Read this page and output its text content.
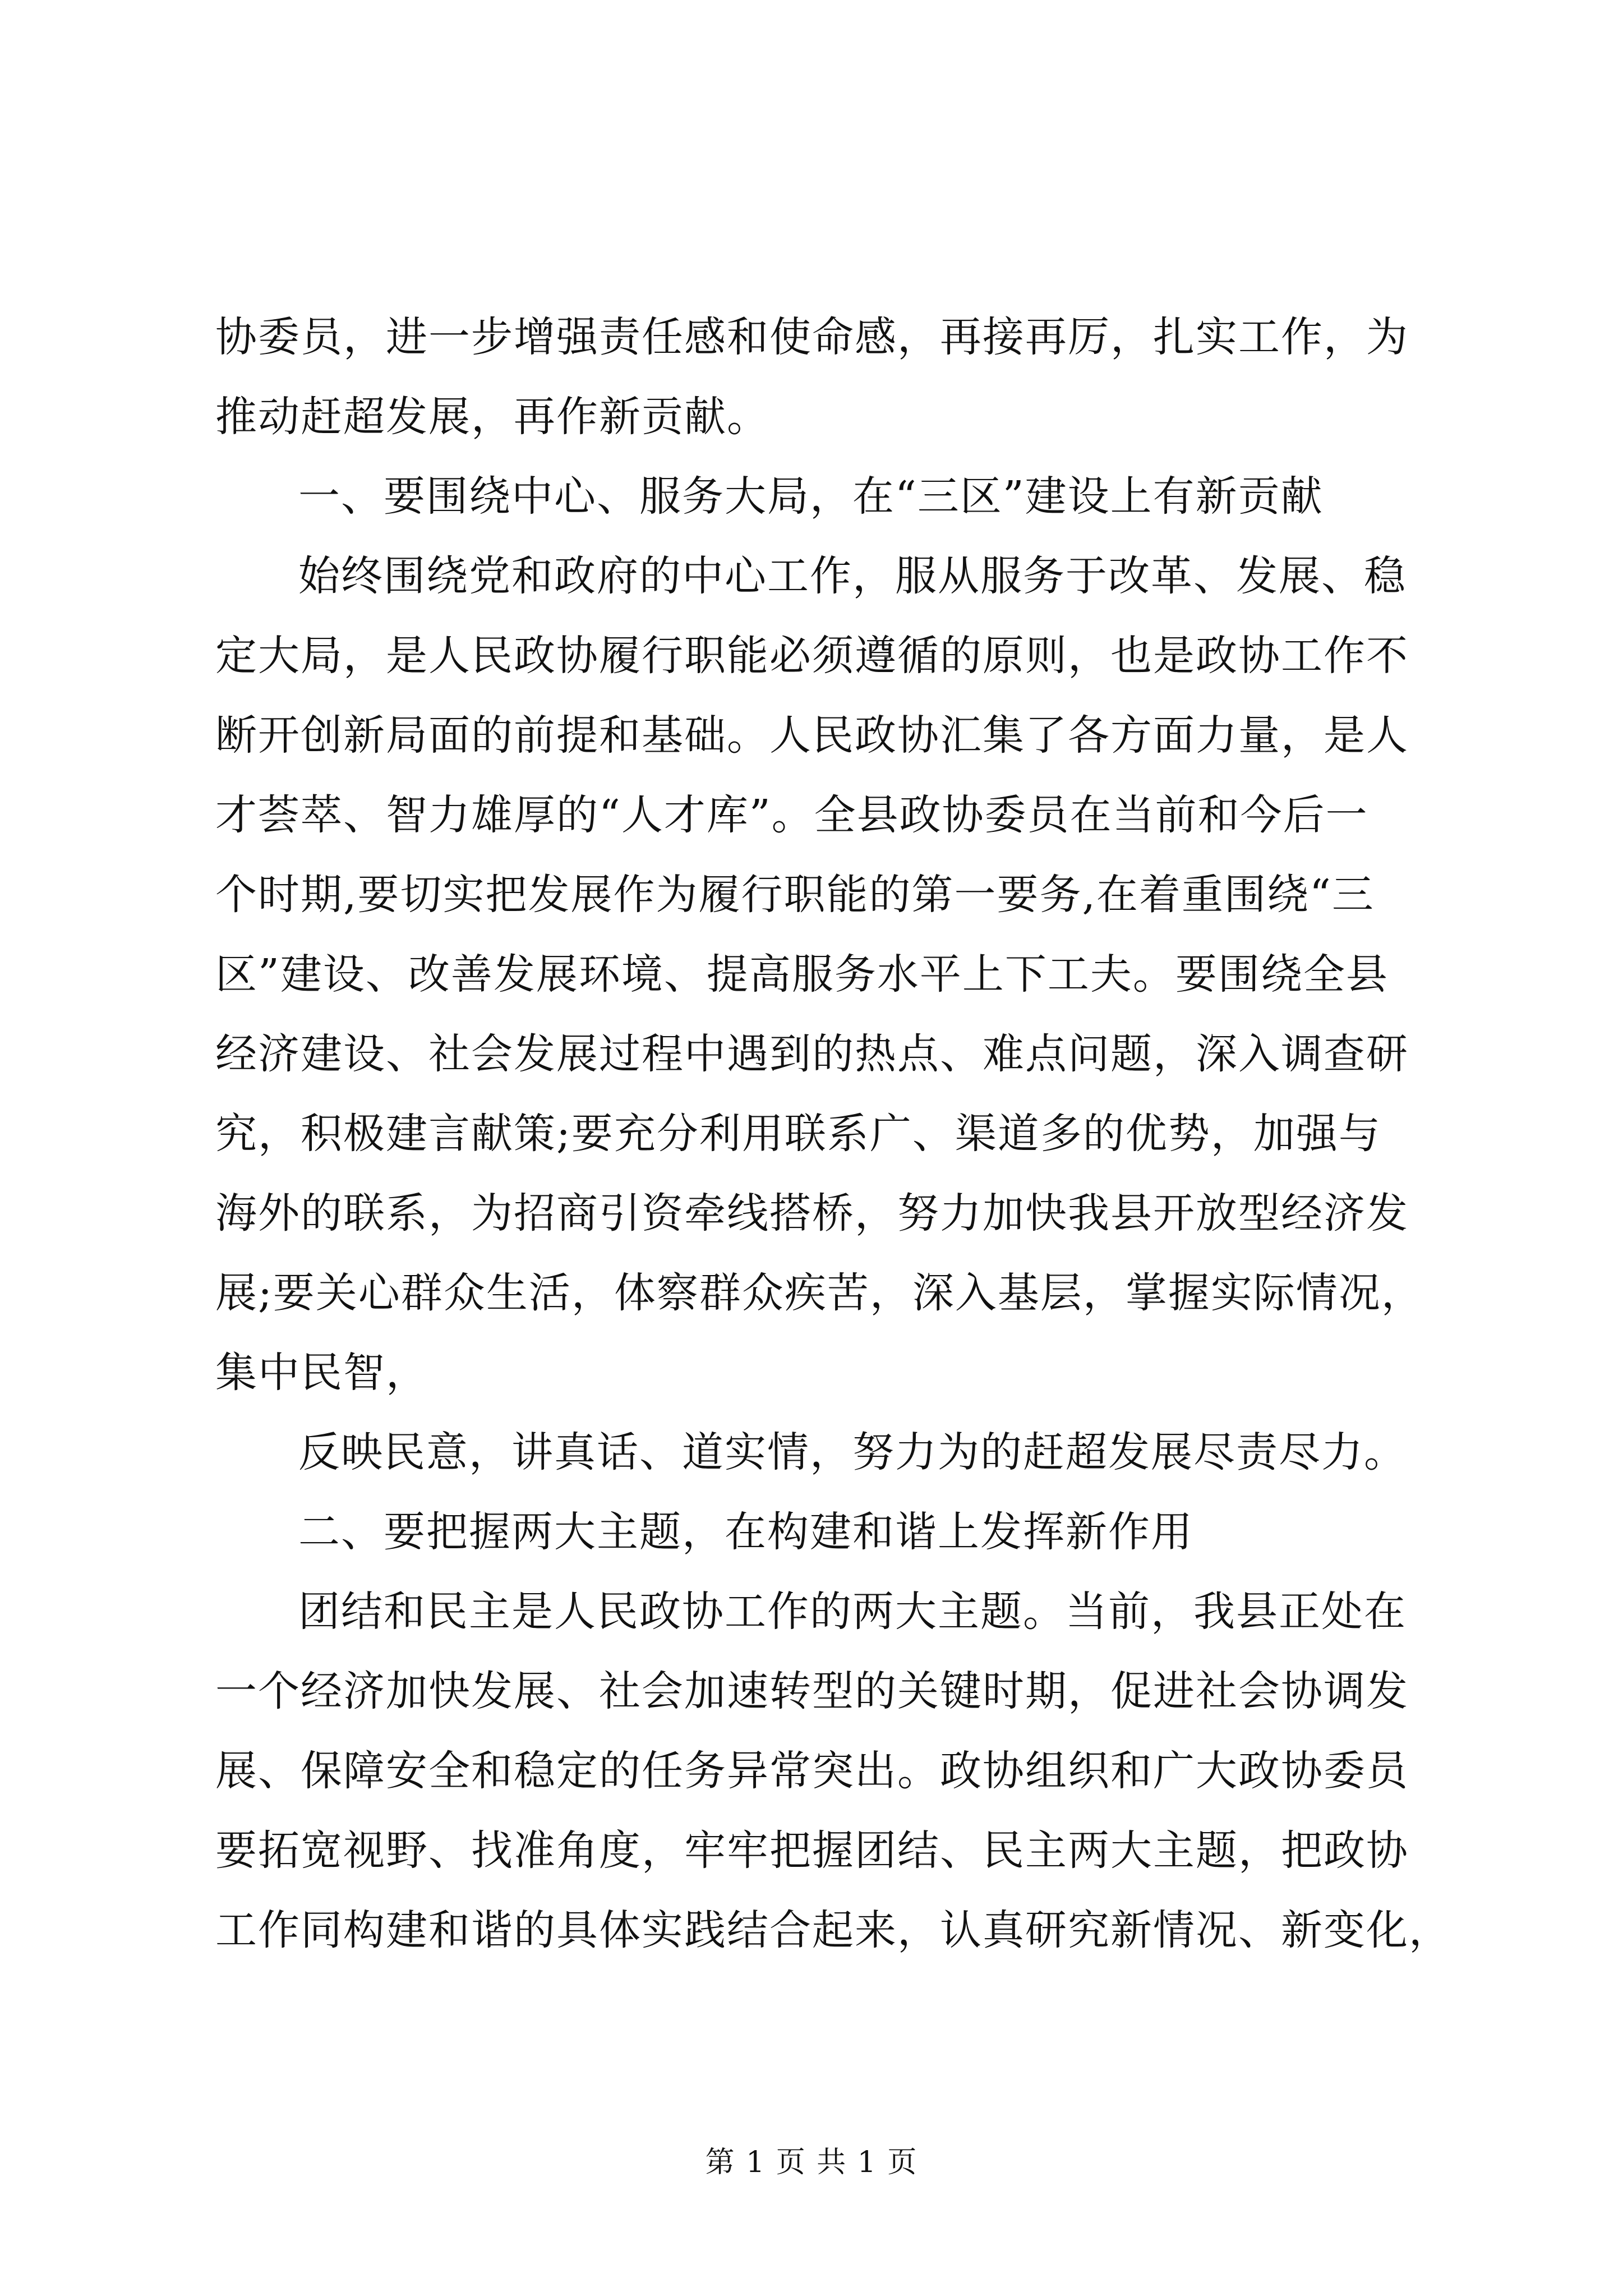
协委员，进一步增强责任感和使命感，再接再厉，扎实工作，为
推动赶超发展，再作新贡献。
一、要围绕中心、服务大局，在“三区”建设上有新贡献
始终围绕党和政府的中心工作，服从服务于改革、发展、稳
定大局，是人民政协履行职能必须遵循的原则，也是政协工作不
断开创新局面的前提和基础。人民政协汇集了各方面力量，是人
才荟萃、智力雄厚的“人才库”。全县政协委员在当前和今后一
个时期,要切实把发展作为履行职能的第一要务,在着重围绕“三
区”建设、改善发展环境、提高服务水平上下工夫。要围绕全县
经济建设、社会发展过程中遇到的热点、难点问题，深入调查研
究，积极建言献策;要充分利用联系广、渠道多的优势，加强与
海外的联系，为招商引资牵线搭桥，努力加快我县开放型经济发
展;要关心群众生活，体察群众疾苦，深入基层，掌握实际情况，
集中民智，
反映民意，讲真话、道实情，努力为的赶超发展尽责尽力。
二、要把握两大主题，在构建和谐上发挥新作用
团结和民主是人民政协工作的两大主题。当前，我县正处在
一个经济加快发展、社会加速转型的关键时期，促进社会协调发
展、保障安全和稳定的任务异常突出。政协组织和广大政协委员
要拓宽视野、找准角度，牢牢把握团结、民主两大主题，把政协
工作同构建和谐的具体实践结合起来，认真研究新情况、新变化，
第 1 页 共 1 页
